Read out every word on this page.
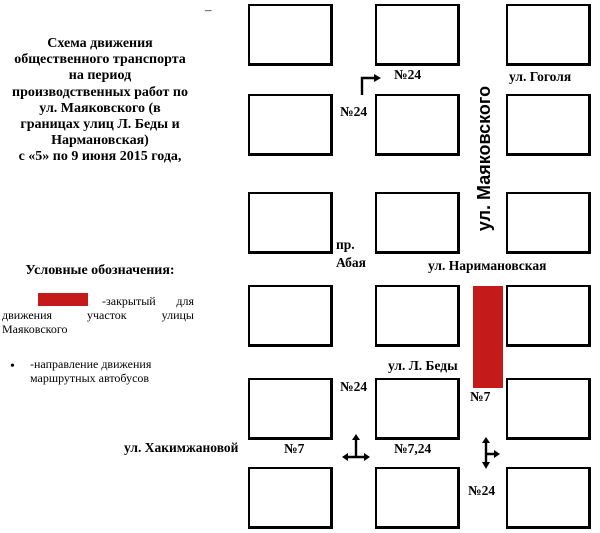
–
Схема движения
общественного транспорта
на период
производственных работ по
ул. Маяковского (в
границах улиц Л. Беды и
Нармановская)
с «5» по 9 июня 2015 года,
Условные обозначения:
-закрытый для движения участок улицы Маяковского
• -направление движения маршрутных автобусов
ул. Маяковского
ул. Гоголя
ул. Наримановская
пр.
Абая
ул. Л. Беды
ул. Хакимжановой
№24
№24
№24
№7
№7	№7,24
№24
